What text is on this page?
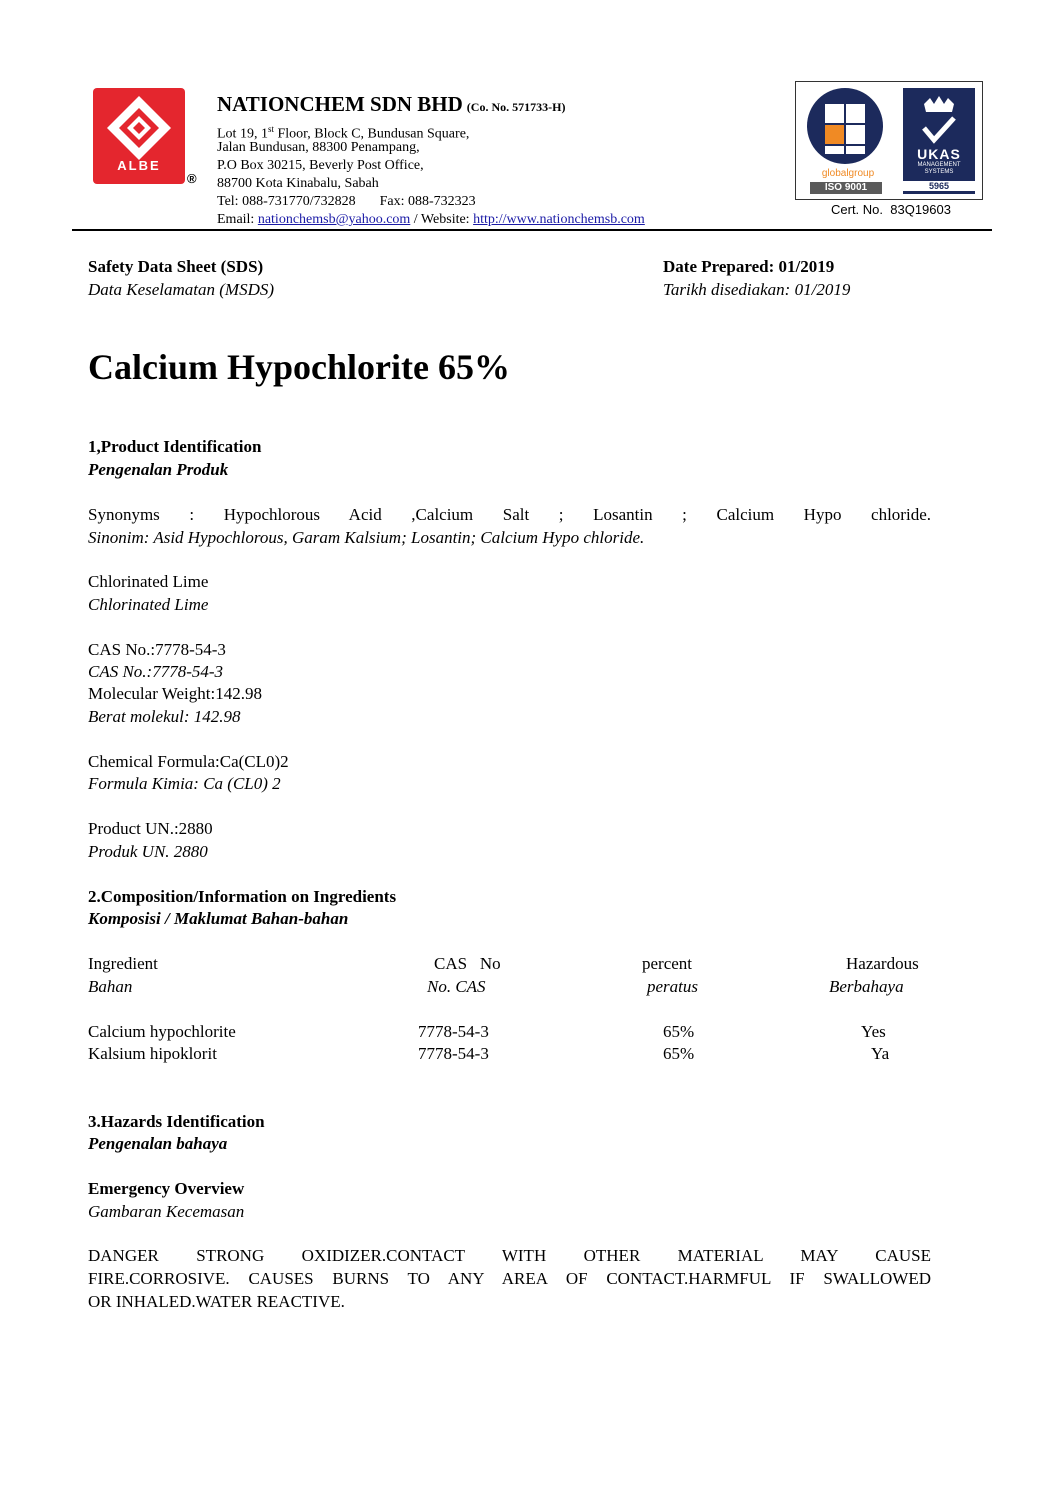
ALBE
®
NATIONCHEM SDN BHD (Co. No. 571733-H)
Lot 19, 1st Floor, Block C, Bundusan Square,
Jalan Bundusan, 88300 Penampang,
P.O Box 30215, Beverly Post Office,
88700 Kota Kinabalu, Sabah
Tel: 088-731770/732828 Fax: 088-732323
Email: nationchemsb@yahoo.com / Website: http://www.nationchemsb.com
globalgroup
ISO 9001
UKAS
MANAGEMENT
SYSTEMS
5965
Cert. No. 83Q19603
Safety Data Sheet (SDS)
Data Keselamatan (MSDS)
Date Prepared: 01/2019
Tarikh disediakan: 01/2019
Calcium Hypochlorite 65%
1,Product Identification
Pengenalan Produk
Synonyms : Hypochlorous Acid ,Calcium Salt ; Losantin ; Calcium Hypo chloride.
Sinonim: Asid Hypochlorous, Garam Kalsium; Losantin; Calcium Hypo chloride.
Chlorinated Lime
Chlorinated Lime
CAS No.:7778-54-3
CAS No.:7778-54-3
Molecular Weight:142.98
Berat molekul: 142.98
Chemical Formula:Ca(CL0)2
Formula Kimia: Ca (CL0) 2
Product UN.:2880
Produk UN. 2880
2.Composition/Information on Ingredients
Komposisi / Maklumat Bahan-bahan
Ingredient	CAS   No	percent	Hazardous
Bahan	No. CAS	peratus	Berbahaya
Calcium hypochlorite	7778-54-3	65%	Yes
Kalsium hipoklorit	7778-54-3	65%	Ya
3.Hazards Identification
Pengenalan bahaya
Emergency Overview
Gambaran Kecemasan
DANGER STRONG OXIDIZER.CONTACT WITH OTHER MATERIAL MAY CAUSE
FIRE.CORROSIVE. CAUSES BURNS TO ANY AREA OF CONTACT.HARMFUL IF SWALLOWED
OR INHALED.WATER REACTIVE.
